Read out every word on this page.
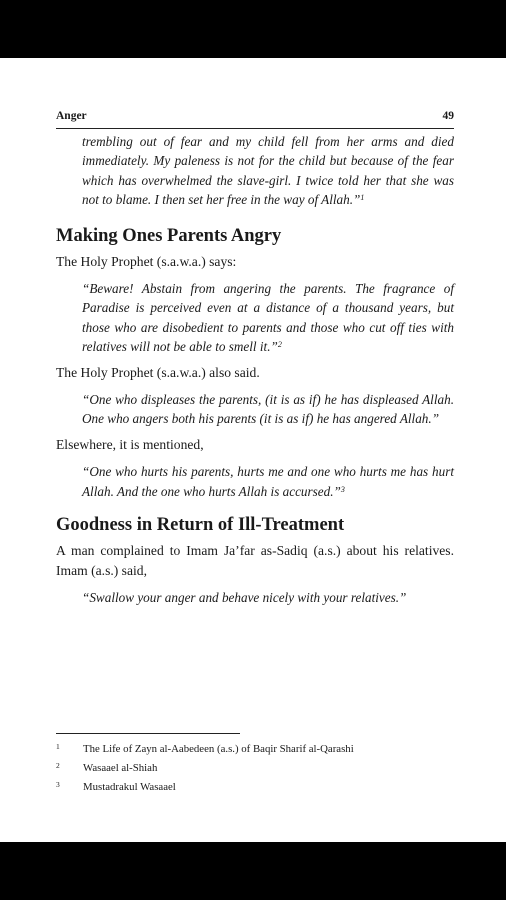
Anger	49

trembling out of fear and my child fell from her arms and died immediately. My paleness is not for the child but because of the fear which has overwhelmed the slave-girl. I twice told her that she was not to blame. I then set her free in the way of Allah.”$^1$

Making Ones Parents Angry

The Holy Prophet (s.a.w.a.) says:

“Beware! Abstain from angering the parents. The fragrance of Paradise is perceived even at a distance of a thousand years, but those who are disobedient to parents and those who cut off ties with relatives will not be able to smell it.”$^2$

The Holy Prophet (s.a.w.a.) also said.

“One who displeases the parents, (it is as if) he has displeased Allah. One who angers both his parents (it is as if) he has angered Allah.”

Elsewhere, it is mentioned,

“One who hurts his parents, hurts me and one who hurts me has hurt Allah. And the one who hurts Allah is accursed.”$^3$

Goodness in Return of Ill-Treatment

A man complained to Imam Ja’far as-Sadiq (a.s.) about his relatives. Imam (a.s.) said,

“Swallow your anger and behave nicely with your relatives.”

1	The Life of Zayn al-Aabedeen (a.s.) of Baqir Sharif al-Qarashi
2	Wasaael al-Shiah
3	Mustadrakul Wasaael
